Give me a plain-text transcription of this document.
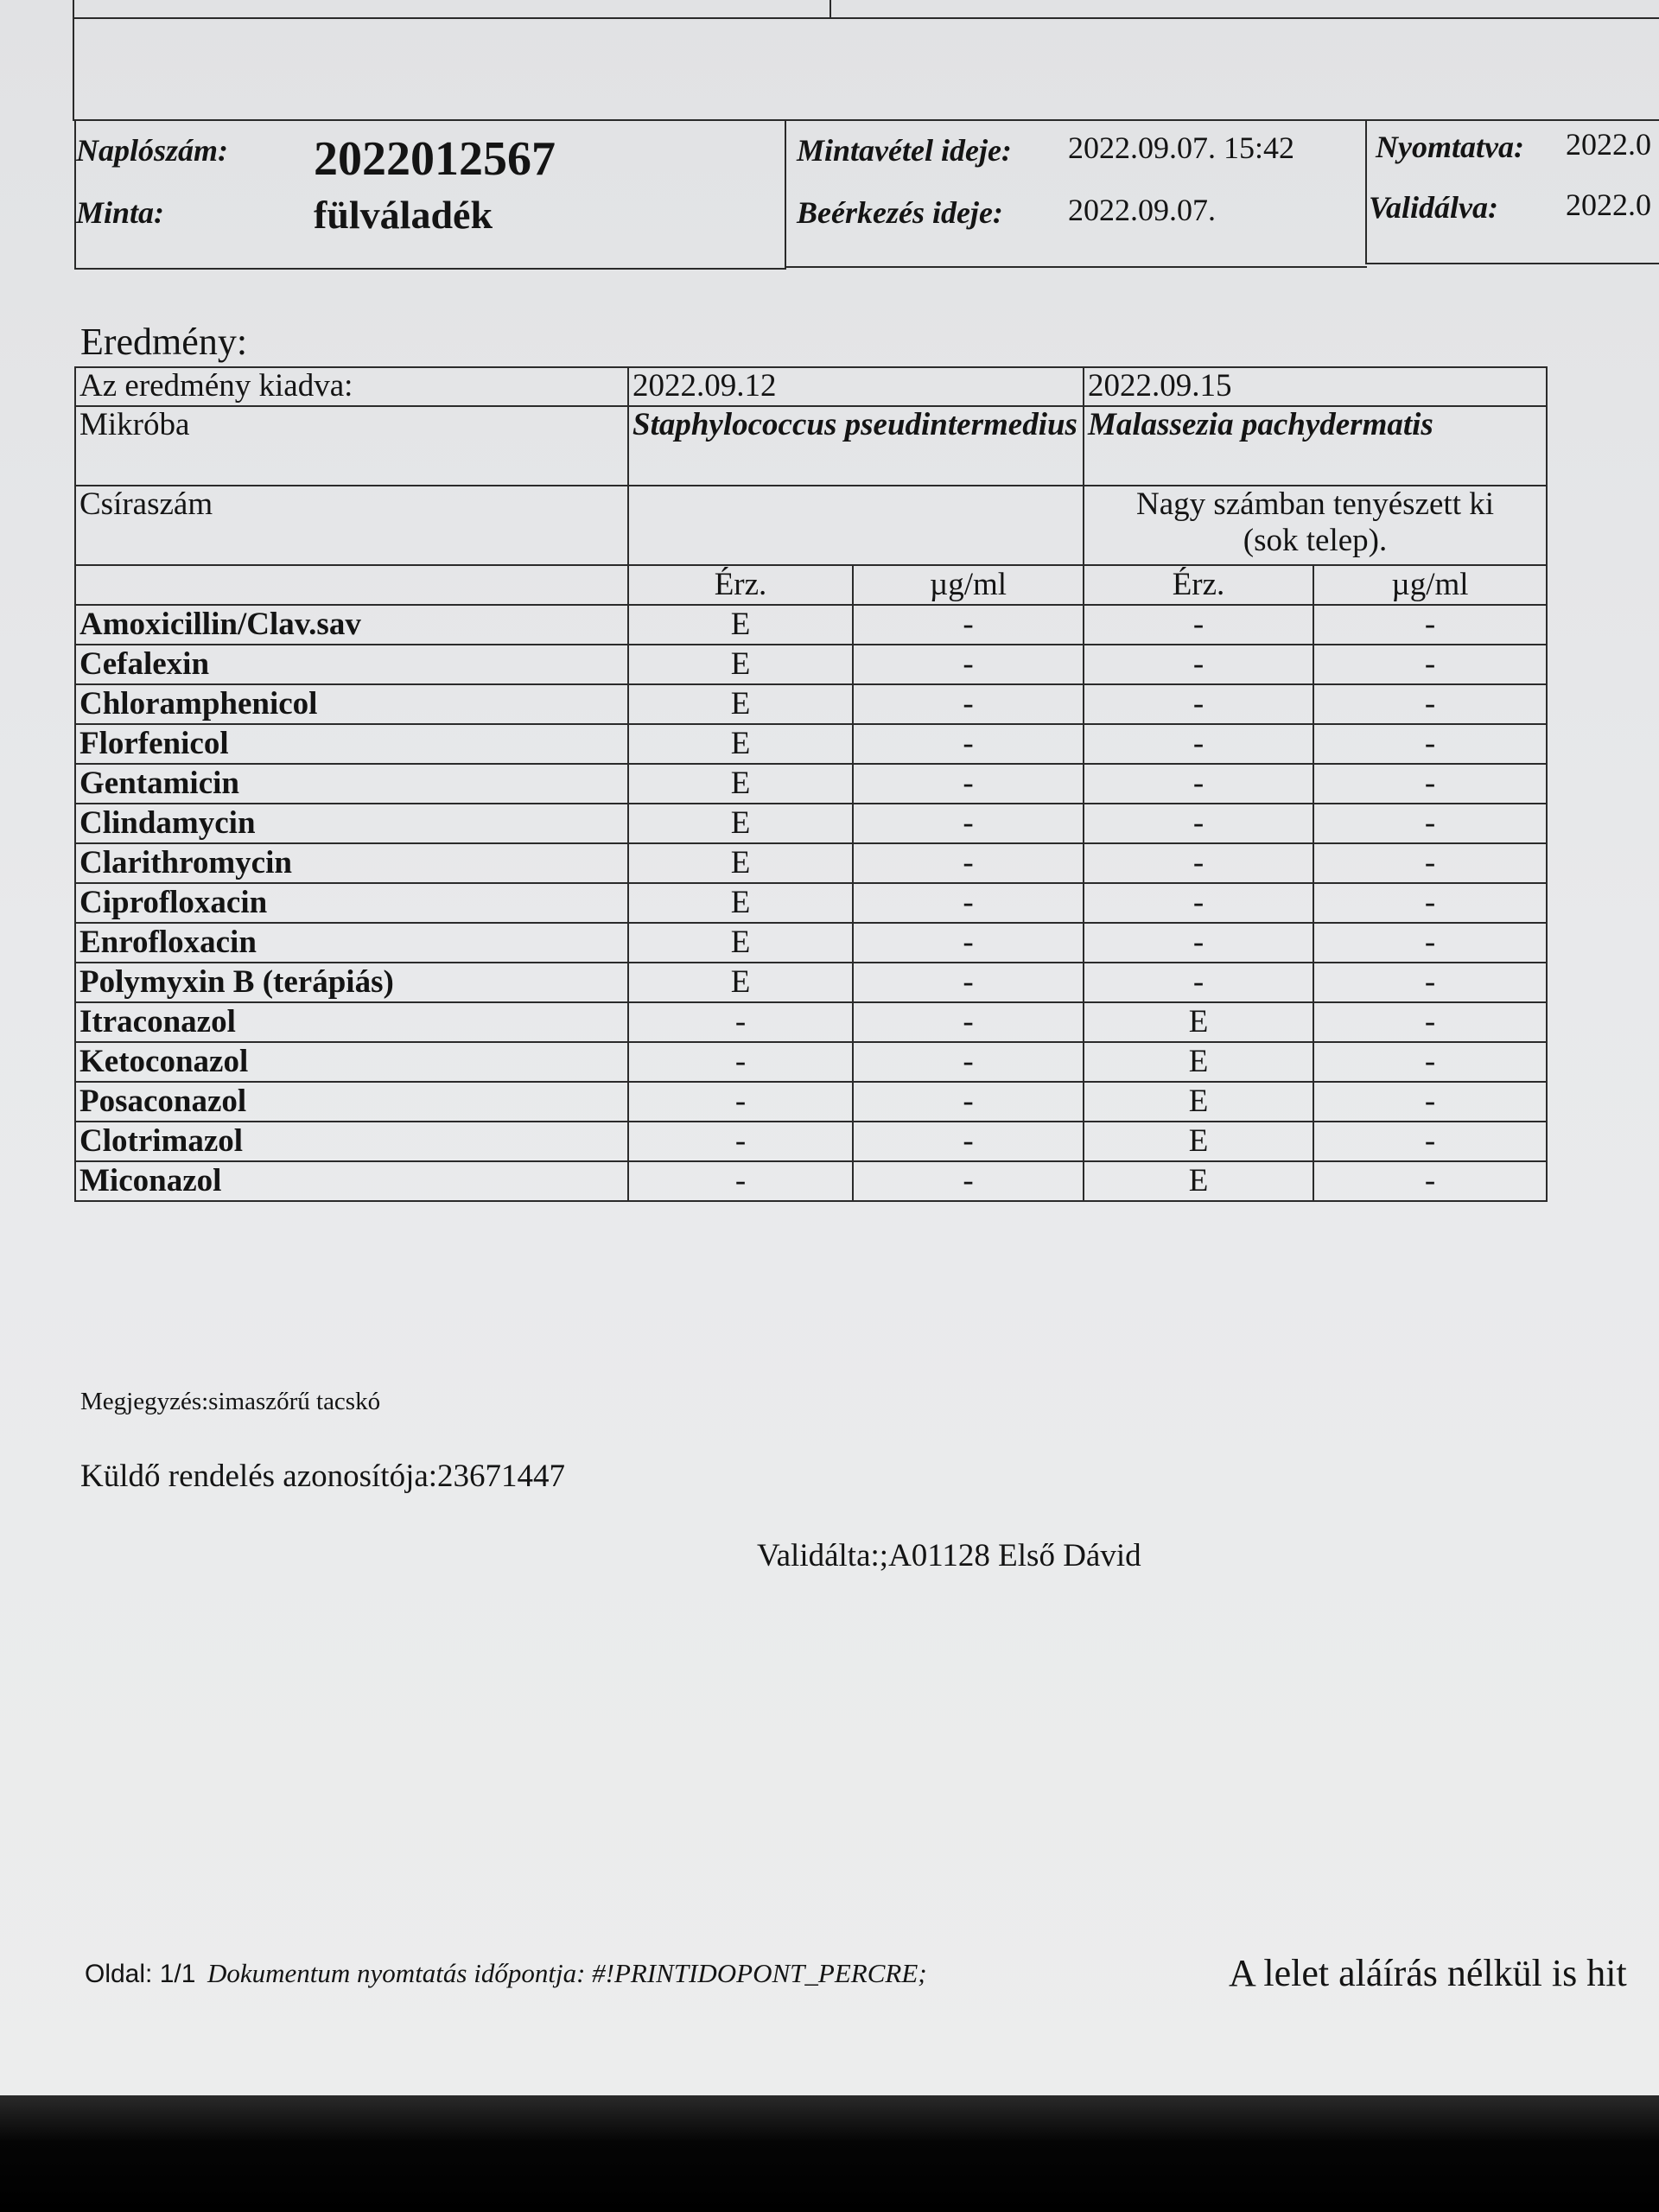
Naplószám: 2022012567
Minta:	fülváladék
Mintavétel ideje: 2022.09.07. 15:42
Beérkezés ideje: 2022.09.07.
Nyomtatva: 2022.0
Validálva: 2022.0
Eredmény:
Az eredmény kiadva:	2022.09.12		2022.09.15	
Mikróba	Staphylococcus pseudintermedius		Malassezia pachydermatis	
Csíraszám			Nagy számban tenyészett ki (sok telep).	
	Érz.	µg/ml	Érz.	µg/ml
Amoxicillin/Clav.sav	E	-	-	-
Cefalexin	E	-	-	-
Chloramphenicol	E	-	-	-
Florfenicol	E	-	-	-
Gentamicin	E	-	-	-
Clindamycin	E	-	-	-
Clarithromycin	E	-	-	-
Ciprofloxacin	E	-	-	-
Enrofloxacin	E	-	-	-
Polymyxin B (terápiás)	E	-	-	-
Itraconazol	-	-	E	-
Ketoconazol	-	-	E	-
Posaconazol	-	-	E	-
Clotrimazol	-	-	E	-
Miconazol	-	-	E	-
Megjegyzés:simaszőrű tacskó
Küldő rendelés azonosítója:23671447
Validálta:;A01128 Első Dávid
Oldal: 1/1 Dokumentum nyomtatás időpontja: #!PRINTIDOPONT_PERCRE;	A lelet aláírás nélkül is hit
